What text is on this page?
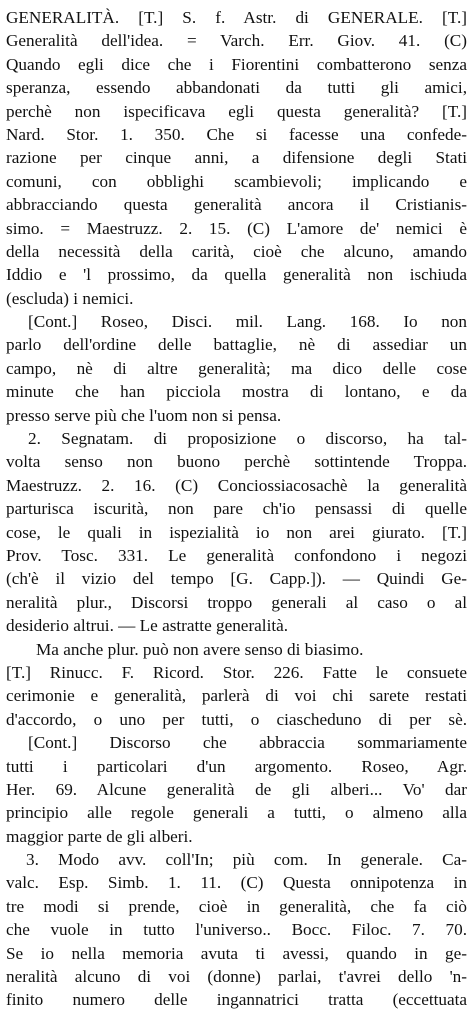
GENERALITÀ. [T.] S. f. Astr. di GENERALE. [T.]
Generalità dell'idea. = Varch. Err. Giov. 41. (C)
Quando egli dice che i Fiorentini combatterono senza
speranza, essendo abbandonati da tutti gli amici,
perchè non ispecificava egli questa generalità? [T.]
Nard. Stor. 1. 350. Che si facesse una confede-
razione per cinque anni, a difensione degli Stati
comuni, con obblighi scambievoli; implicando e
abbracciando questa generalità ancora il Cristianis-
simo. = Maestruzz. 2. 15. (C) L'amore de' nemici è
della necessità della carità, cioè che alcuno, amando
Iddio e 'l prossimo, da quella generalità non ischiuda
(escluda) i nemici.
[Cont.] Roseo, Disci. mil. Lang. 168. Io non
parlo dell'ordine delle battaglie, nè di assediar un
campo, nè di altre generalità; ma dico delle cose
minute che han picciola mostra di lontano, e da
presso serve più che l'uom non si pensa.
2. Segnatam. di proposizione o discorso, ha tal-
volta senso non buono perchè sottintende Troppa.
Maestruzz. 2. 16. (C) Conciossiacosachè la generalità
parturisca iscurità, non pare ch'io pensassi di quelle
cose, le quali in ispezialità io non arei giurato. [T.]
Prov. Tosc. 331. Le generalità confondono i negozi
(ch'è il vizio del tempo [G. Capp.]). — Quindi Ge-
neralità plur., Discorsi troppo generali al caso o al
desiderio altrui. — Le astratte generalità.
Ma anche plur. può non avere senso di biasimo.
[T.] Rinucc. F. Ricord. Stor. 226. Fatte le consuete
cerimonie e generalità, parlerà di voi chi sarete restati
d'accordo, o uno per tutti, o ciascheduno di per sè.
[Cont.] Discorso che abbraccia sommariamente
tutti i particolari d'un argomento. Roseo, Agr.
Her. 69. Alcune generalità de gli alberi... Vo' dar
principio alle regole generali a tutti, o almeno alla
maggior parte de gli alberi.
3. Modo avv. coll'In; più com. In generale. Ca-
valc. Esp. Simb. 1. 11. (C) Questa onnipotenza in
tre modi si prende, cioè in generalità, che fa ciò
che vuole in tutto l'universo.. Bocc. Filoc. 7. 70.
Se io nella memoria avuta ti avessi, quando in ge-
neralità alcuno di voi (donne) parlai, t'avrei dello 'n-
finito numero delle ingannatrici tratta (eccettuata
